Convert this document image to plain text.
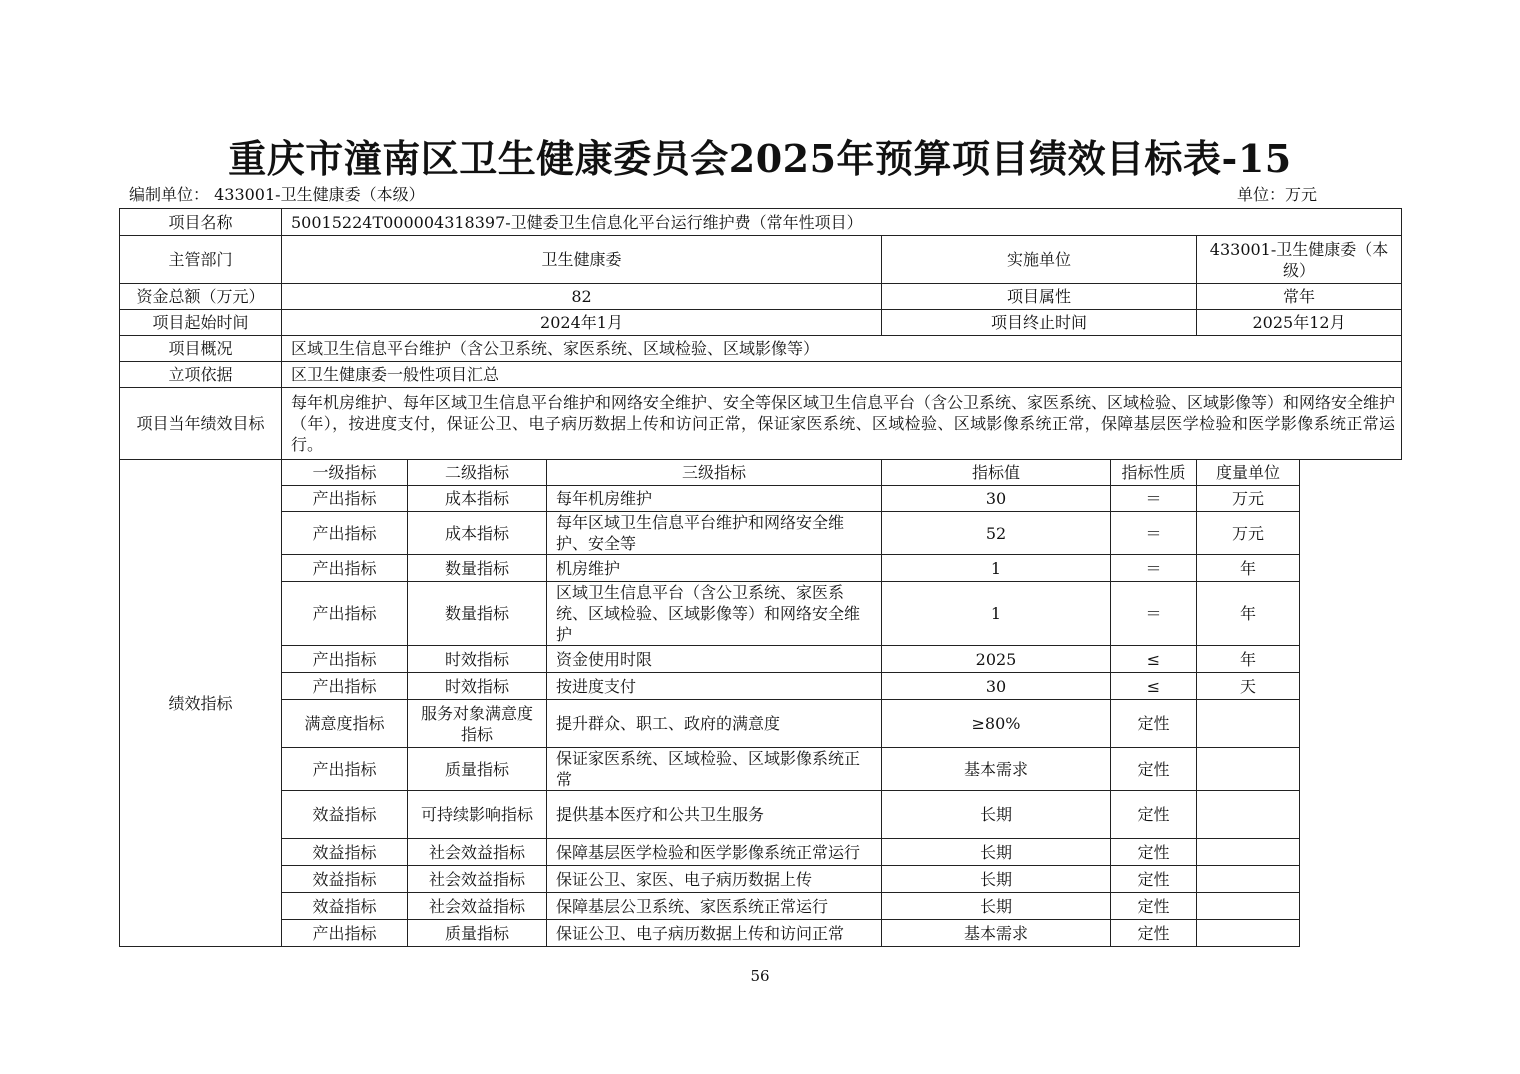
重庆市潼南区卫生健康委员会2025年预算项目绩效目标表-15
编制单位： 433001-卫生健康委（本级）	单位：万元
项目名称	50015224T000004318397-卫健委卫生信息化平台运行维护费（常年性项目）					
主管部门	卫生健康委			实施单位		433001-卫生健康委（本级）
资金总额（万元）	82			项目属性		常年
项目起始时间	2024年1月			项目终止时间		2025年12月
项目概况	区域卫生信息平台维护（含公卫系统、家医系统、区域检验、区域影像等）					
立项依据	区卫生健康委一般性项目汇总					
项目当年绩效目标	每年机房维护、每年区域卫生信息平台维护和网络安全维护、安全等保区域卫生信息平台（含公卫系统、家医系统、区域检验、区域影像等）和网络安全维护（年），按进度支付，保证公卫、电子病历数据上传和访问正常，保证家医系统、区域检验、区域影像系统正常，保障基层医学检验和医学影像系统正常运行。					
绩效指标	一级指标	二级指标	三级指标	指标值	指标性质	度量单位
	产出指标	成本指标	每年机房维护	30	＝	万元
	产出指标	成本指标	每年区域卫生信息平台维护和网络安全维护、安全等	52	＝	万元
	产出指标	数量指标	机房维护	1	＝	年
	产出指标	数量指标	区域卫生信息平台（含公卫系统、家医系统、区域检验、区域影像等）和网络安全维护	1	＝	年
	产出指标	时效指标	资金使用时限	2025	≤	年
	产出指标	时效指标	按进度支付	30	≤	天
	满意度指标	服务对象满意度指标	提升群众、职工、政府的满意度	≥80%	定性	
	产出指标	质量指标	保证家医系统、区域检验、区域影像系统正常	基本需求	定性	
	效益指标	可持续影响指标	提供基本医疗和公共卫生服务	长期	定性	
	效益指标	社会效益指标	保障基层医学检验和医学影像系统正常运行	长期	定性	
	效益指标	社会效益指标	保证公卫、家医、电子病历数据上传	长期	定性	
	效益指标	社会效益指标	保障基层公卫系统、家医系统正常运行	长期	定性	
	产出指标	质量指标	保证公卫、电子病历数据上传和访问正常	基本需求	定性	
56
